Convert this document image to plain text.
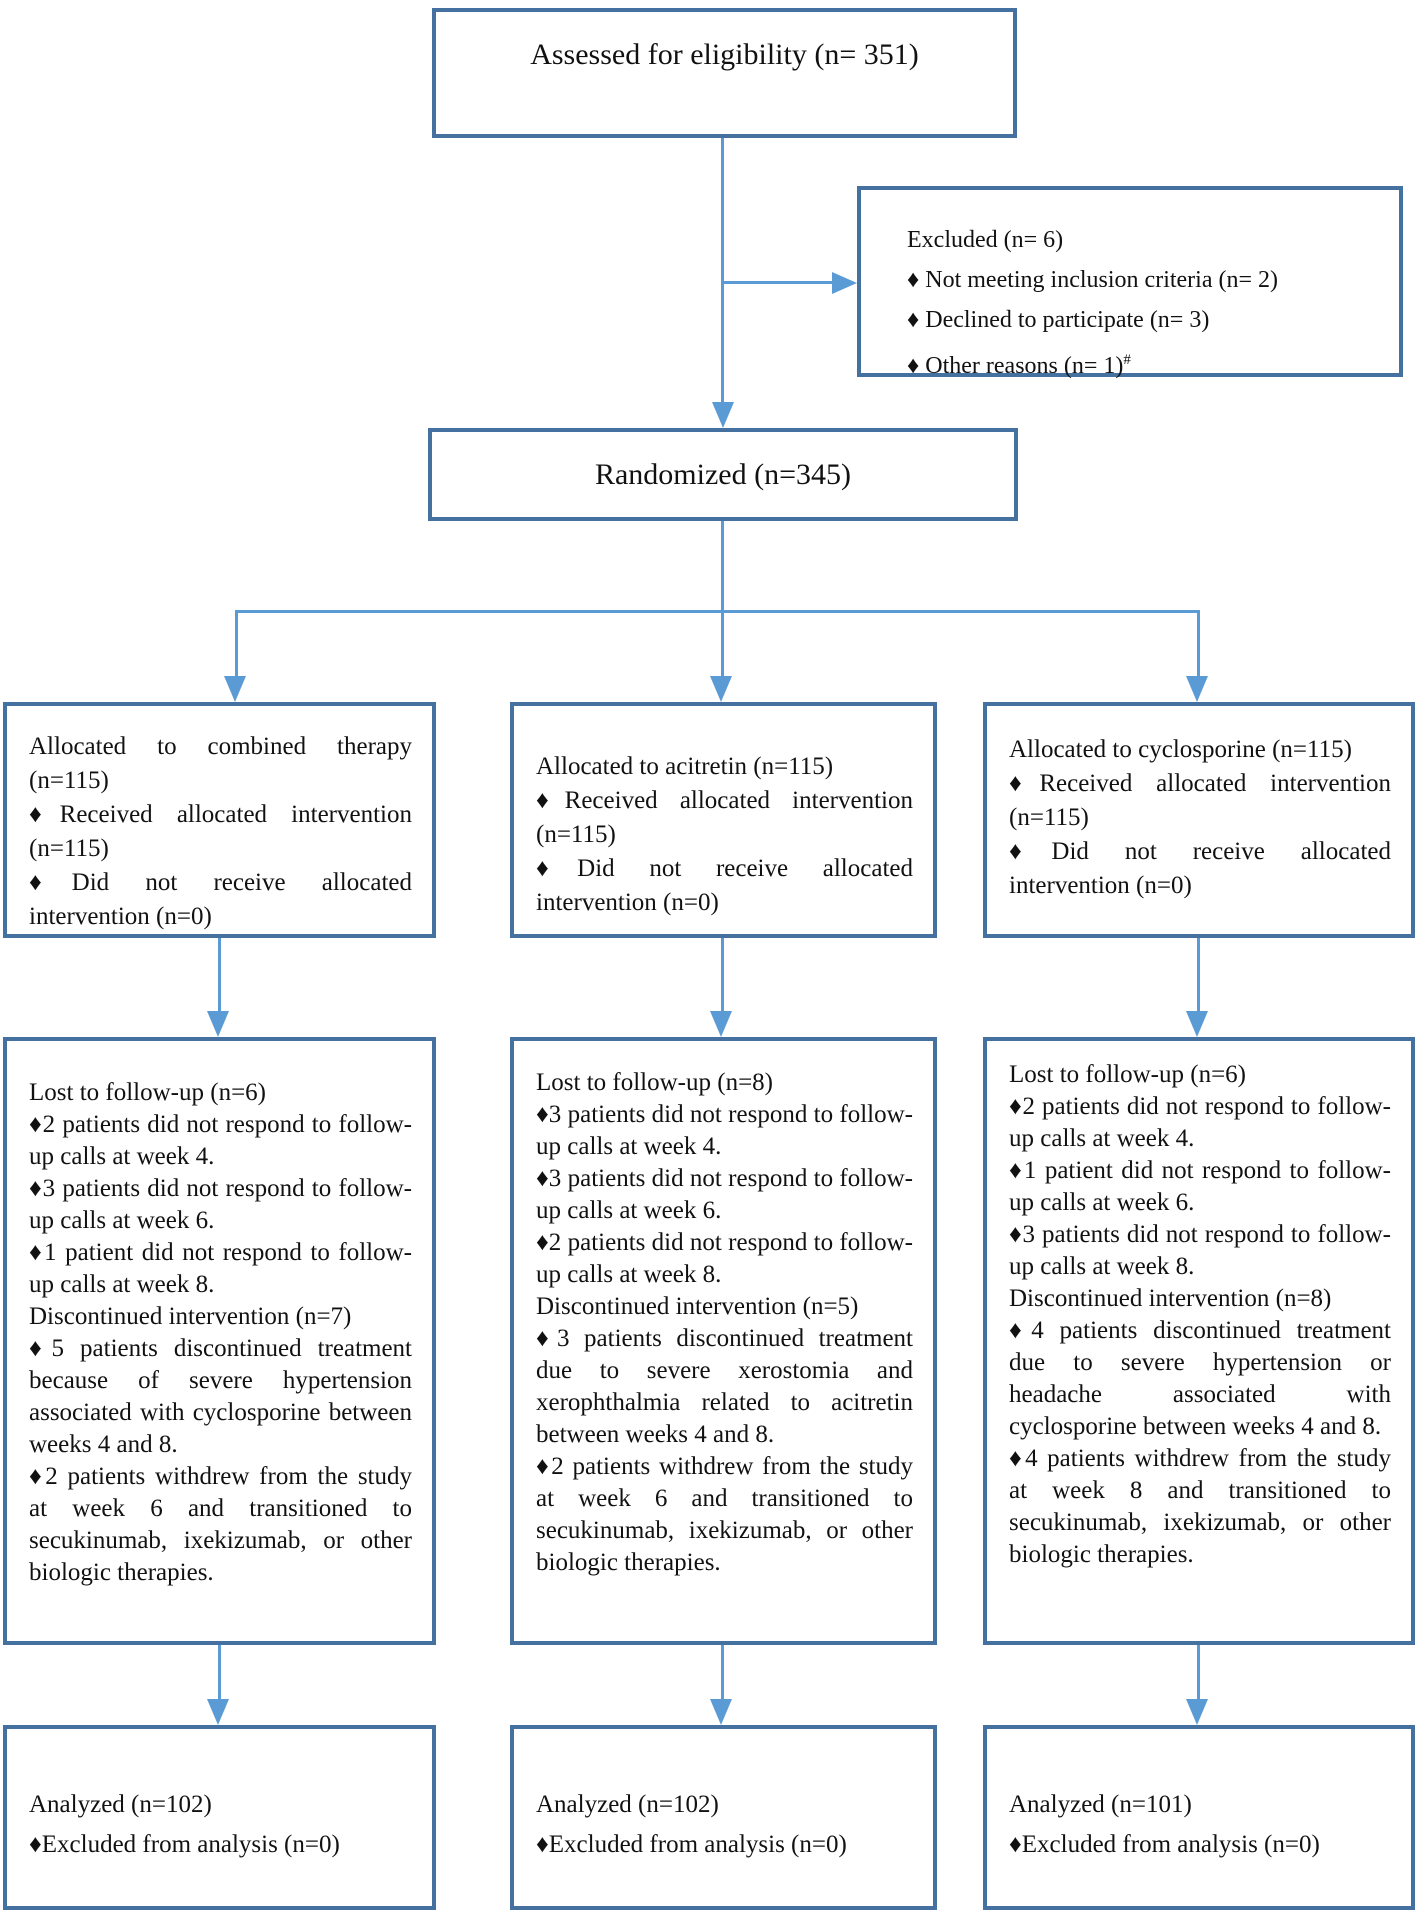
Assessed for eligibility (n= 351)
Excluded (n= 6)
♦ Not meeting inclusion criteria (n= 2)
♦ Declined to participate (n= 3)
♦ Other reasons (n= 1)#
Randomized (n=345)
Allocated to combined therapy (n=115)
♦Received allocated intervention (n=115)
♦Did not receive allocated intervention (n=0)
Allocated to acitretin (n=115)
♦Received allocated intervention (n=115)
♦Did not receive allocated intervention (n=0)
Allocated to cyclosporine (n=115)
♦Received allocated intervention (n=115)
♦Did not receive allocated intervention (n=0)
Lost to follow-up (n=6)
♦2 patients did not respond to follow-up calls at week 4.
♦3 patients did not respond to follow-up calls at week 6.
♦1 patient did not respond to follow-up calls at week 8.
Discontinued intervention (n=7)
♦5 patients discontinued treatment because of severe hypertension associated with cyclosporine between weeks 4 and 8.
♦2 patients withdrew from the study at week 6 and transitioned to secukinumab, ixekizumab, or other biologic therapies.
Lost to follow-up (n=8)
♦3 patients did not respond to follow-up calls at week 4.
♦3 patients did not respond to follow-up calls at week 6.
♦2 patients did not respond to follow-up calls at week 8.
Discontinued intervention (n=5)
♦3 patients discontinued treatment due to severe xerostomia and xerophthalmia related to acitretin between weeks 4 and 8.
♦2 patients withdrew from the study at week 6 and transitioned to secukinumab, ixekizumab, or other biologic therapies.
Lost to follow-up (n=6)
♦2 patients did not respond to follow-up calls at week 4.
♦1 patient did not respond to follow-up calls at week 6.
♦3 patients did not respond to follow-up calls at week 8.
Discontinued intervention (n=8)
♦4 patients discontinued treatment due to severe hypertension or headache associated with cyclosporine between weeks 4 and 8.
♦4 patients withdrew from the study at week 8 and transitioned to secukinumab, ixekizumab, or other biologic therapies.
Analyzed (n=102)
♦Excluded from analysis (n=0)
Analyzed (n=102)
♦Excluded from analysis (n=0)
Analyzed (n=101)
♦Excluded from analysis (n=0)
